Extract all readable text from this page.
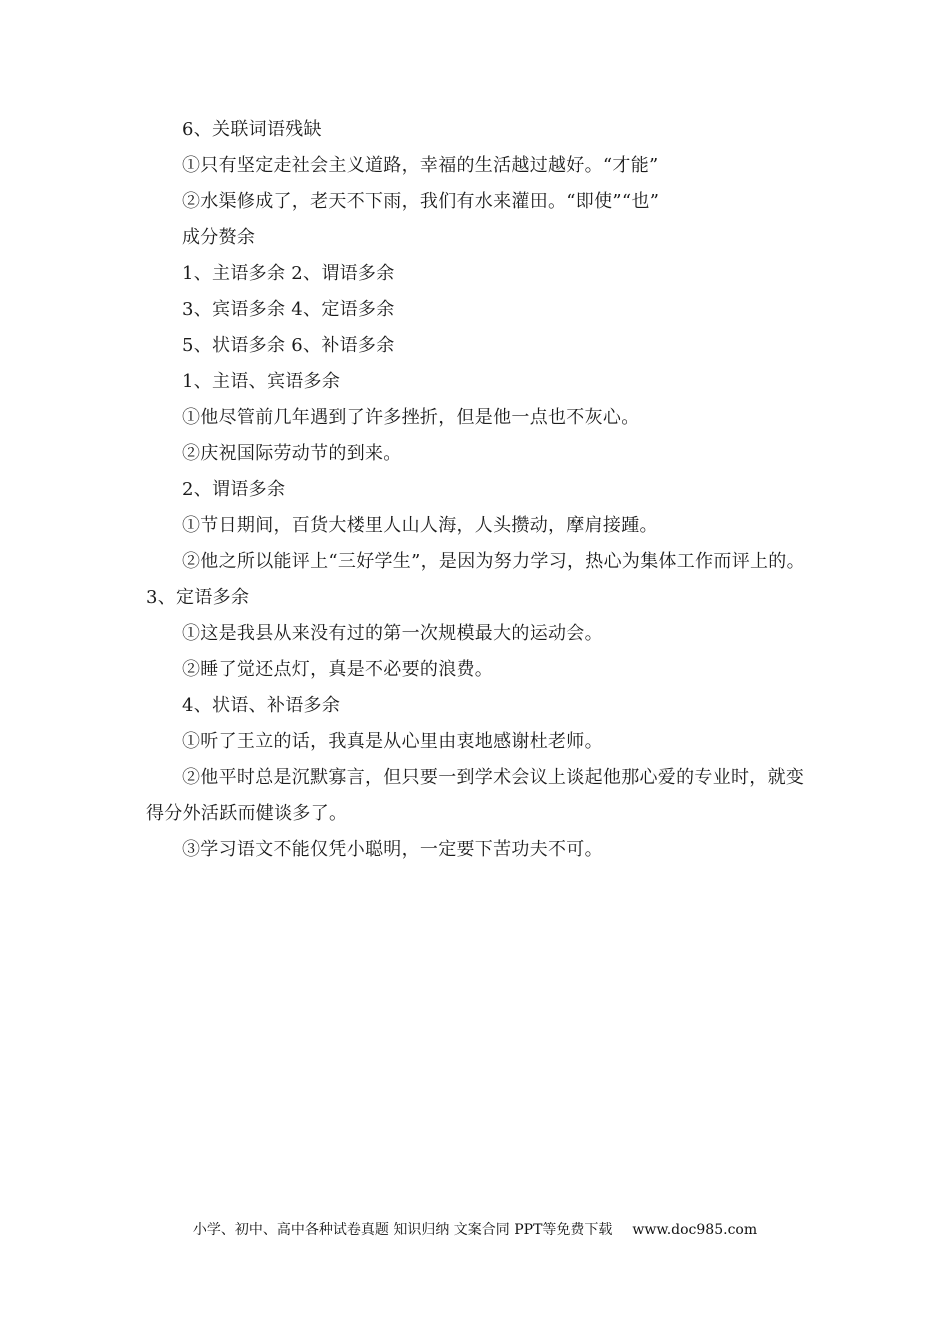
6、关联词语残缺
①只有坚定走社会主义道路，幸福的生活越过越好。“才能”
②水渠修成了，老天不下雨，我们有水来灌田。“即使”“也”
成分赘余
1、主语多余 2、谓语多余
3、宾语多余 4、定语多余
5、状语多余 6、补语多余
1、主语、宾语多余
①他尽管前几年遇到了许多挫折，但是他一点也不灰心。
②庆祝国际劳动节的到来。
2、谓语多余
①节日期间，百货大楼里人山人海，人头攒动，摩肩接踵。
②他之所以能评上“三好学生”，是因为努力学习，热心为集体工作而评上的。
3、定语多余
①这是我县从来没有过的第一次规模最大的运动会。
②睡了觉还点灯，真是不必要的浪费。
4、状语、补语多余
①听了王立的话，我真是从心里由衷地感谢杜老师。
②他平时总是沉默寡言，但只要一到学术会议上谈起他那心爱的专业时，就变得分外活跃而健谈多了。
③学习语文不能仅凭小聪明，一定要下苦功夫不可。
小学、初中、高中各种试卷真题 知识归纳 文案合同 PPT等免费下载 www.doc985.com
